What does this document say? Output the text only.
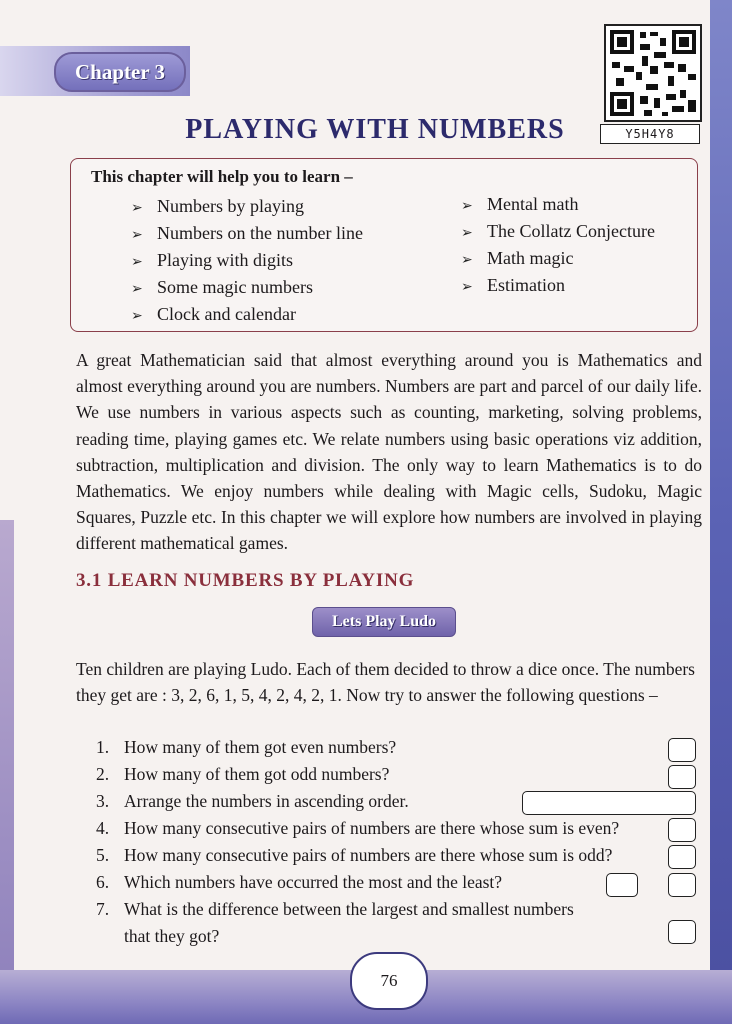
Chapter 3
Y5H4Y8
PLAYING WITH NUMBERS
This chapter will help you to learn –
➢ Numbers by playing
➢ Numbers on the number line
➢ Playing with digits
➢ Some magic numbers
➢ Clock and calendar
➢ Mental math
➢ The Collatz Conjecture
➢ Math magic
➢ Estimation
A great Mathematician said that almost everything around you is Mathematics and almost everything around you are numbers. Numbers are part and parcel of our daily life. We use numbers in various aspects such as counting, marketing, solving problems, reading time, playing games etc. We relate numbers using basic operations viz addition, subtraction, multiplication and division. The only way to learn Mathematics is to do Mathematics. We enjoy numbers while dealing with Magic cells, Sudoku, Magic Squares, Puzzle etc. In this chapter we will explore how numbers are involved in playing different mathematical games.
3.1 LEARN NUMBERS BY PLAYING
Lets Play Ludo
Ten children are playing Ludo. Each of them decided to throw a dice once. The numbers they get are : 3, 2, 6, 1, 5, 4, 2, 4, 2, 1. Now try to answer the following questions –
1. How many of them got even numbers?
2. How many of them got odd numbers?
3. Arrange the numbers in ascending order.
4. How many consecutive pairs of numbers are there whose sum is even?
5. How many consecutive pairs of numbers are there whose sum is odd?
6. Which numbers have occurred the most and the least?
7. What is the difference between the largest and smallest numbers
that they got?
76
